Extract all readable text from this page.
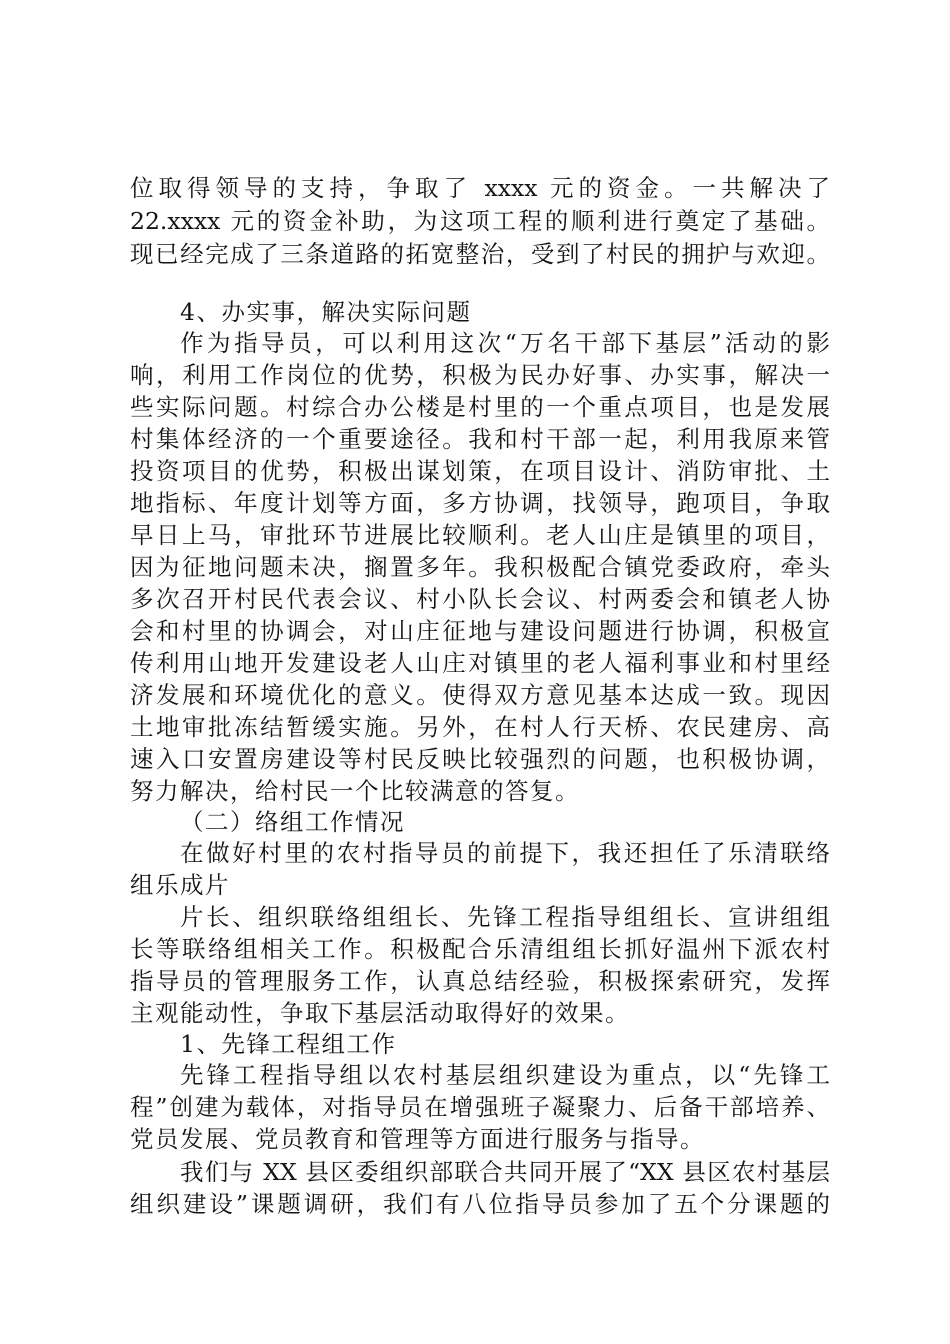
位取得领导的支持，争取了 xxxx 元的资金。一共解决了
22.xxxx 元的资金补助，为这项工程的顺利进行奠定了基础。
现已经完成了三条道路的拓宽整治，受到了村民的拥护与欢迎。
4、办实事，解决实际问题
作为指导员，可以利用这次“万名干部下基层”活动的影
响，利用工作岗位的优势，积极为民办好事、办实事，解决一
些实际问题。村综合办公楼是村里的一个重点项目，也是发展
村集体经济的一个重要途径。我和村干部一起，利用我原来管
投资项目的优势，积极出谋划策，在项目设计、消防审批、土
地指标、年度计划等方面，多方协调，找领导，跑项目，争取
早日上马，审批环节进展比较顺利。老人山庄是镇里的项目，
因为征地问题未决，搁置多年。我积极配合镇党委政府，牵头
多次召开村民代表会议、村小队长会议、村两委会和镇老人协
会和村里的协调会，对山庄征地与建设问题进行协调，积极宣
传利用山地开发建设老人山庄对镇里的老人福利事业和村里经
济发展和环境优化的意义。使得双方意见基本达成一致。现因
土地审批冻结暂缓实施。另外，在村人行天桥、农民建房、高
速入口安置房建设等村民反映比较强烈的问题，也积极协调，
努力解决，给村民一个比较满意的答复。
（二）络组工作情况
在做好村里的农村指导员的前提下，我还担任了乐清联络
组乐成片
片长、组织联络组组长、先锋工程指导组组长、宣讲组组
长等联络组相关工作。积极配合乐清组组长抓好温州下派农村
指导员的管理服务工作，认真总结经验，积极探索研究，发挥
主观能动性，争取下基层活动取得好的效果。
1、先锋工程组工作
先锋工程指导组以农村基层组织建设为重点，以“先锋工
程”创建为载体，对指导员在增强班子凝聚力、后备干部培养、
党员发展、党员教育和管理等方面进行服务与指导。
我们与 XX 县区委组织部联合共同开展了“XX 县区农村基层
组织建设”课题调研，我们有八位指导员参加了五个分课题的
